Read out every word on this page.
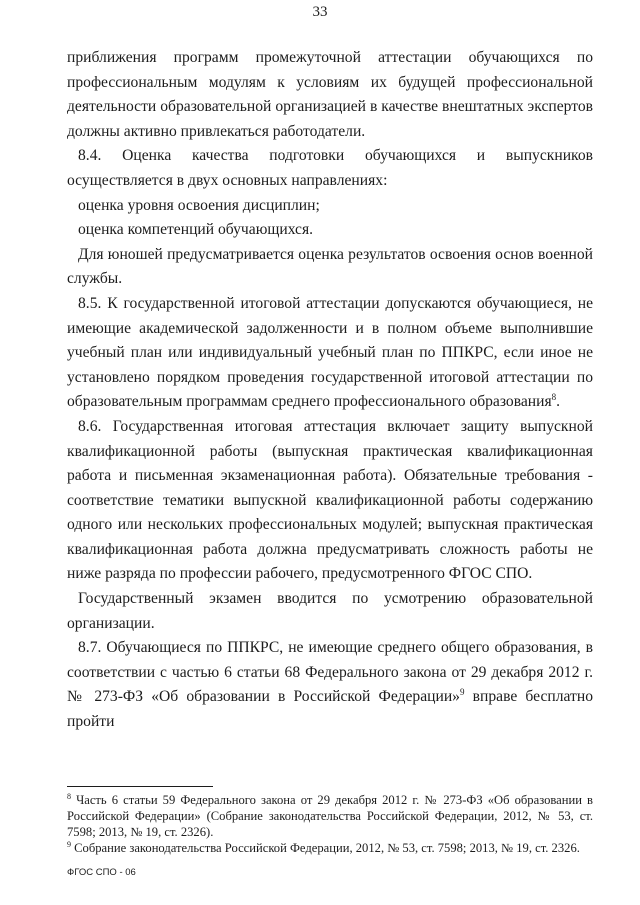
33

приближения программ промежуточной аттестации обучающихся по профессиональным модулям к условиям их будущей профессиональной деятельности образовательной организацией в качестве внештатных экспертов должны активно привлекаться работодатели.

8.4. Оценка качества подготовки обучающихся и выпускников осуществляется в двух основных направлениях:

оценка уровня освоения дисциплин;

оценка компетенций обучающихся.

Для юношей предусматривается оценка результатов освоения основ военной службы.

8.5. К государственной итоговой аттестации допускаются обучающиеся, не имеющие академической задолженности и в полном объеме выполнившие учебный план или индивидуальный учебный план по ППКРС, если иное не установлено порядком проведения государственной итоговой аттестации по образовательным программам среднего профессионального образования$^8$.

8.6. Государственная итоговая аттестация включает защиту выпускной квалификационной работы (выпускная практическая квалификационная работа и письменная экзаменационная работа). Обязательные требования - соответствие тематики выпускной квалификационной работы содержанию одного или нескольких профессиональных модулей; выпускная практическая квалификационная работа должна предусматривать сложность работы не ниже разряда по профессии рабочего, предусмотренного ФГОС СПО.

Государственный экзамен вводится по усмотрению образовательной организации.

8.7. Обучающиеся по ППКРС, не имеющие среднего общего образования, в соответствии с частью 6 статьи 68 Федерального закона от 29 декабря 2012 г. № 273-ФЗ «Об образовании в Российской Федерации»$^9$ вправе бесплатно пройти

$^8$ Часть 6 статьи 59 Федерального закона от 29 декабря 2012 г. № 273-ФЗ «Об образовании в Российской Федерации» (Собрание законодательства Российской Федерации, 2012, № 53, ст. 7598; 2013, № 19, ст. 2326).

$^9$ Собрание законодательства Российской Федерации, 2012, № 53, ст. 7598; 2013, № 19, ст. 2326.

ФГОС СПО - 06
